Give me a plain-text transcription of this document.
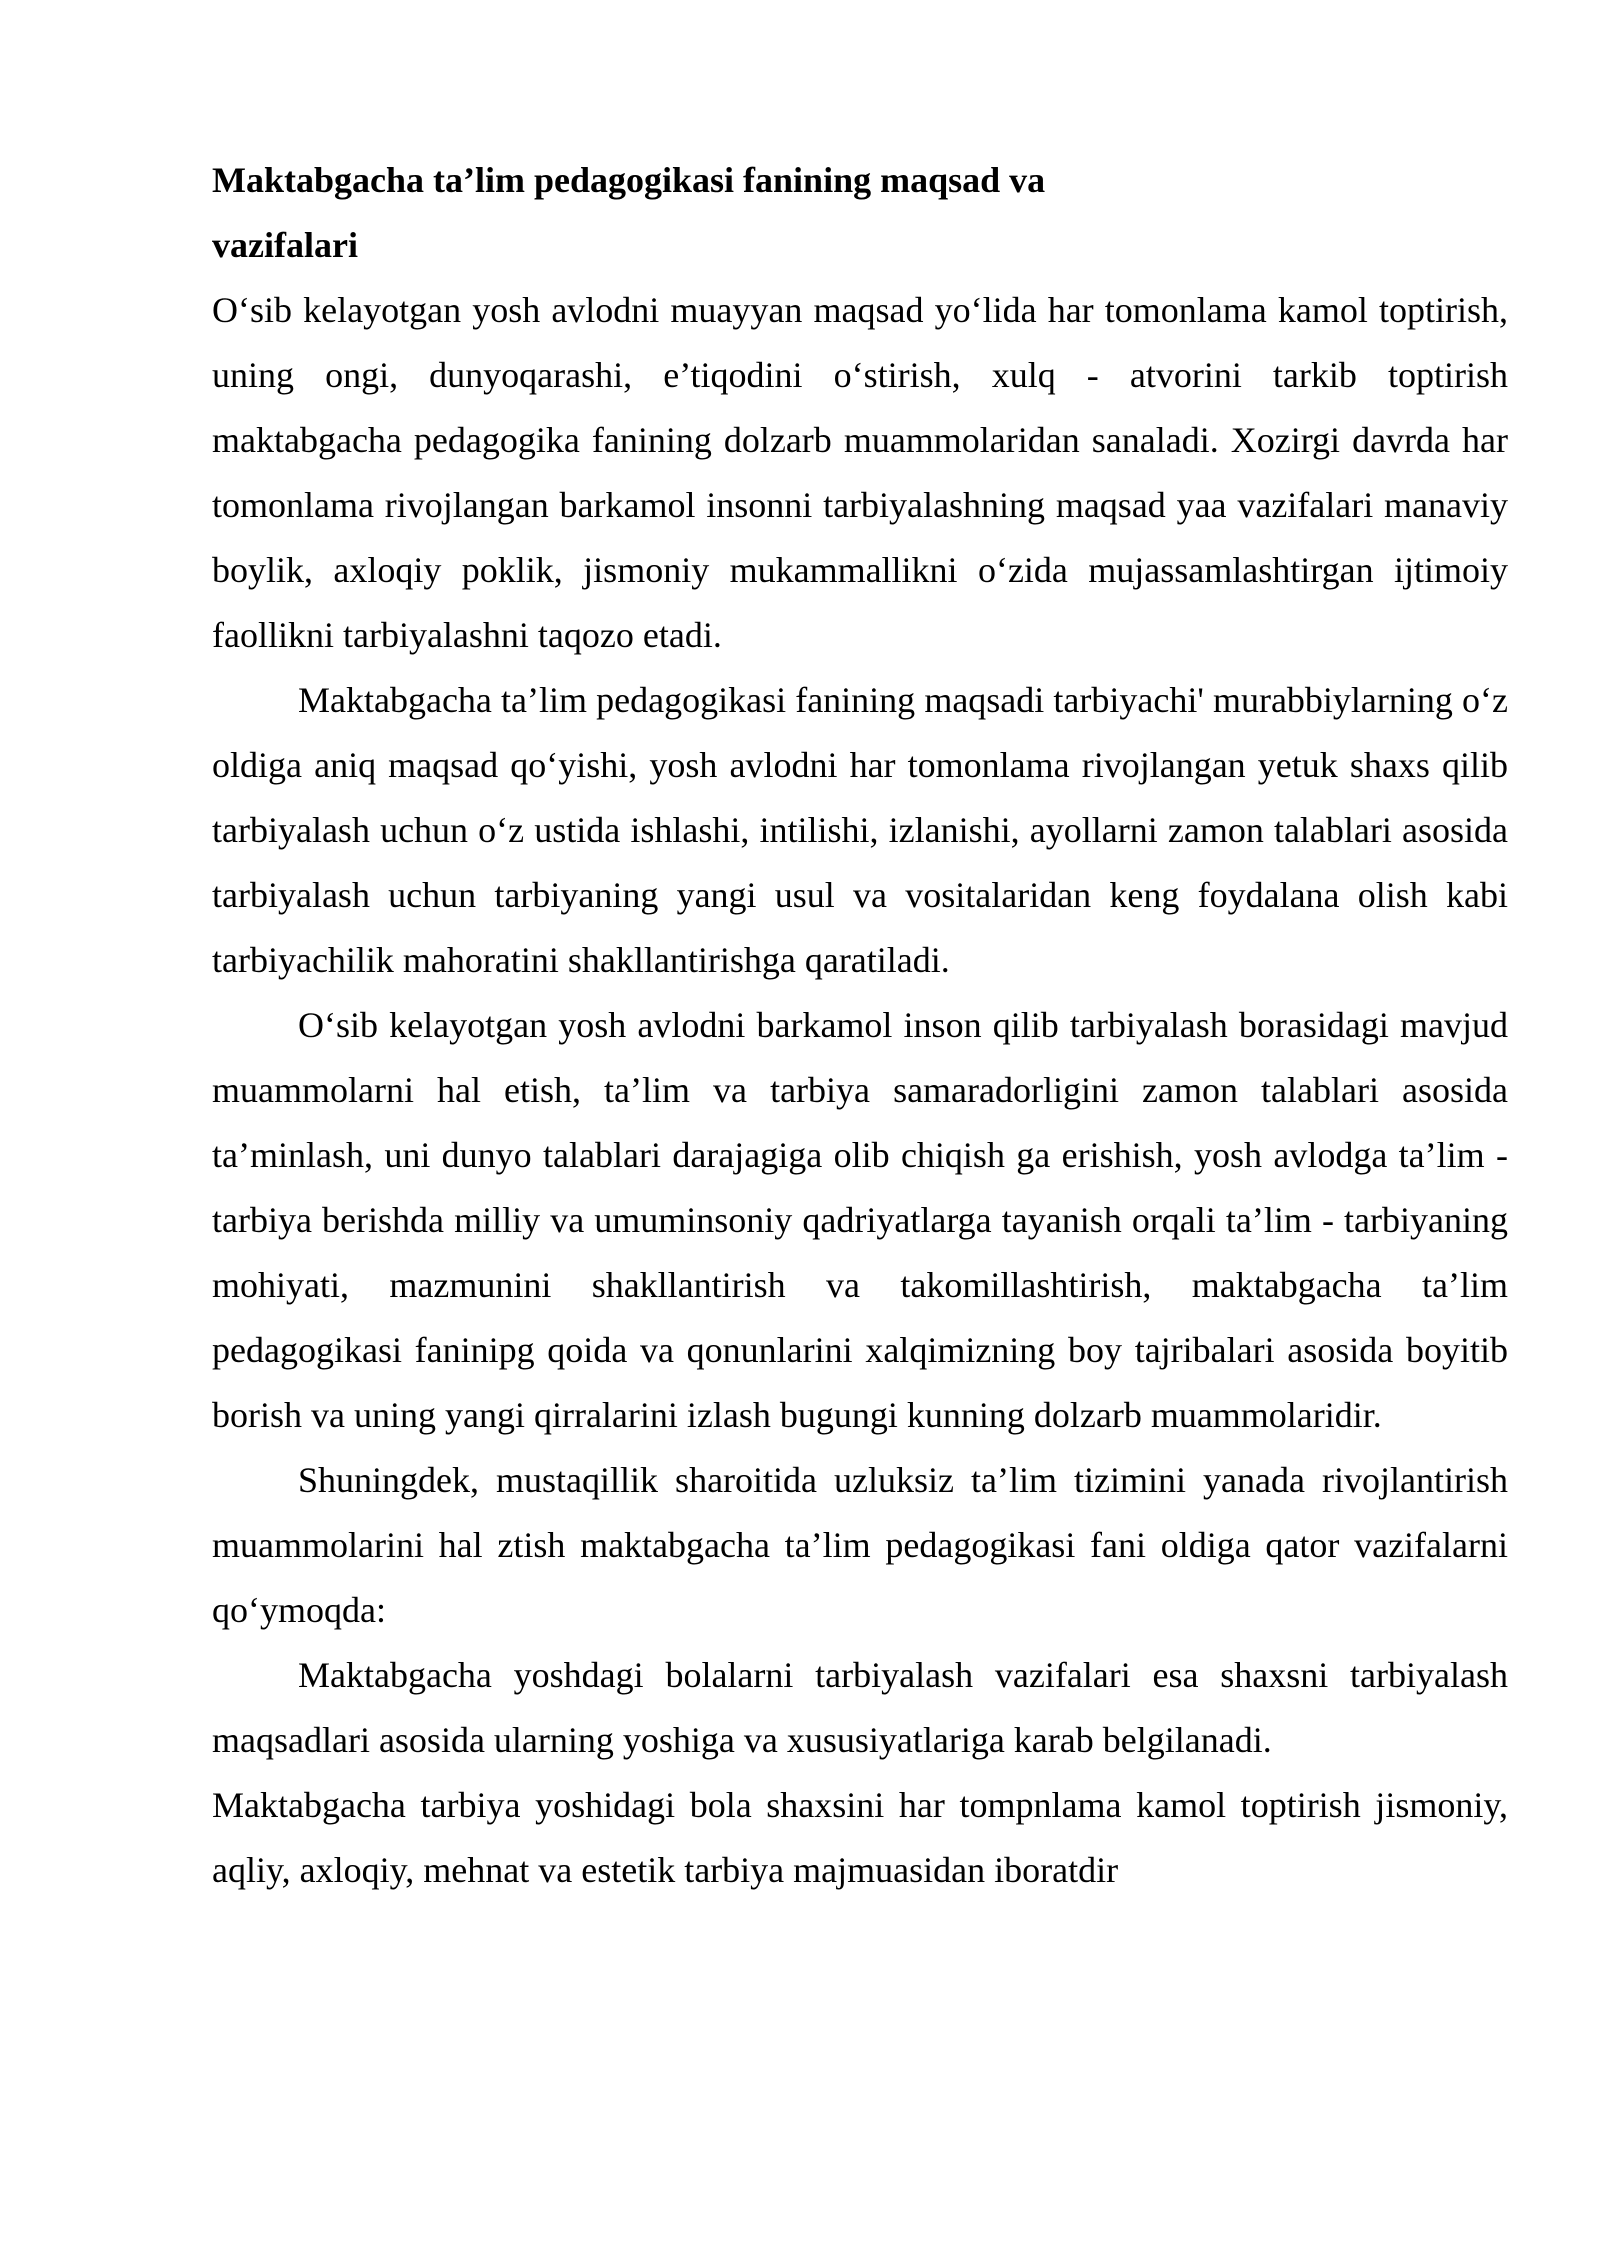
Maktabgacha ta’lim pedagogikasi fanining maqsad va vazifalari

O‘sib kelayotgan yosh avlodni muayyan maqsad yo‘lida har tomonlama kamol toptirish, uning ongi, dunyoqarashi, e’tiqodini o‘stirish, xulq - atvorini tarkib toptirish maktabgacha pedagogika fanining dolzarb muammolaridan sanaladi. Xozirgi davrda har tomonlama rivojlangan barkamol insonni tarbiyalashning maqsad yaa vazifalari manaviy boylik, axloqiy poklik, jismoniy mukammallikni o‘zida mujassamlashtirgan ijtimoiy faollikni tarbiyalashni taqozo etadi.

Maktabgacha ta’lim pedagogikasi fanining maqsadi tarbiyachi' murabbiylarning o‘z oldiga aniq maqsad qo‘yishi, yosh avlodni har tomonlama rivojlangan yetuk shaxs qilib tarbiyalash uchun o‘z ustida ishlashi, intilishi, izlanishi, ayollarni zamon talablari asosida tarbiyalash uchun tarbiyaning yangi usul va vositalaridan keng foydalana olish kabi tarbiyachilik mahoratini shakllantirishga qaratiladi.

O‘sib kelayotgan yosh avlodni barkamol inson qilib tarbiyalash borasidagi mavjud muammolarni hal etish, ta’lim va tarbiya samaradorligini zamon talablari asosida ta’minlash, uni dunyo talablari darajagiga olib chiqish ga erishish, yosh avlodga ta’lim - tarbiya berishda milliy va umuminsoniy qadriyatlarga tayanish orqali ta’lim - tarbiyaning mohiyati, mazmunini shakllantirish va takomillashtirish, maktabgacha ta’lim pedagogikasi faninipg qoida va qonunlarini xalqimizning boy tajribalari asosida boyitib borish va uning yangi qirralarini izlash bugungi kunning dolzarb muammolaridir.

Shuningdek, mustaqillik sharoitida uzluksiz ta’lim tizimini yanada rivojlantirish muammolarini hal ztish maktabgacha ta’lim pedagogikasi fani oldiga qator vazifalarni qo‘ymoqda:

Maktabgacha yoshdagi bolalarni tarbiyalash vazifalari esa shaxsni tarbiyalash maqsadlari asosida ularning yoshiga va xususiyatlariga karab belgilanadi.

Maktabgacha tarbiya yoshidagi bola shaxsini har tompnlama kamol toptirish jismoniy, aqliy, axloqiy, mehnat va estetik tarbiya majmuasidan iboratdir
